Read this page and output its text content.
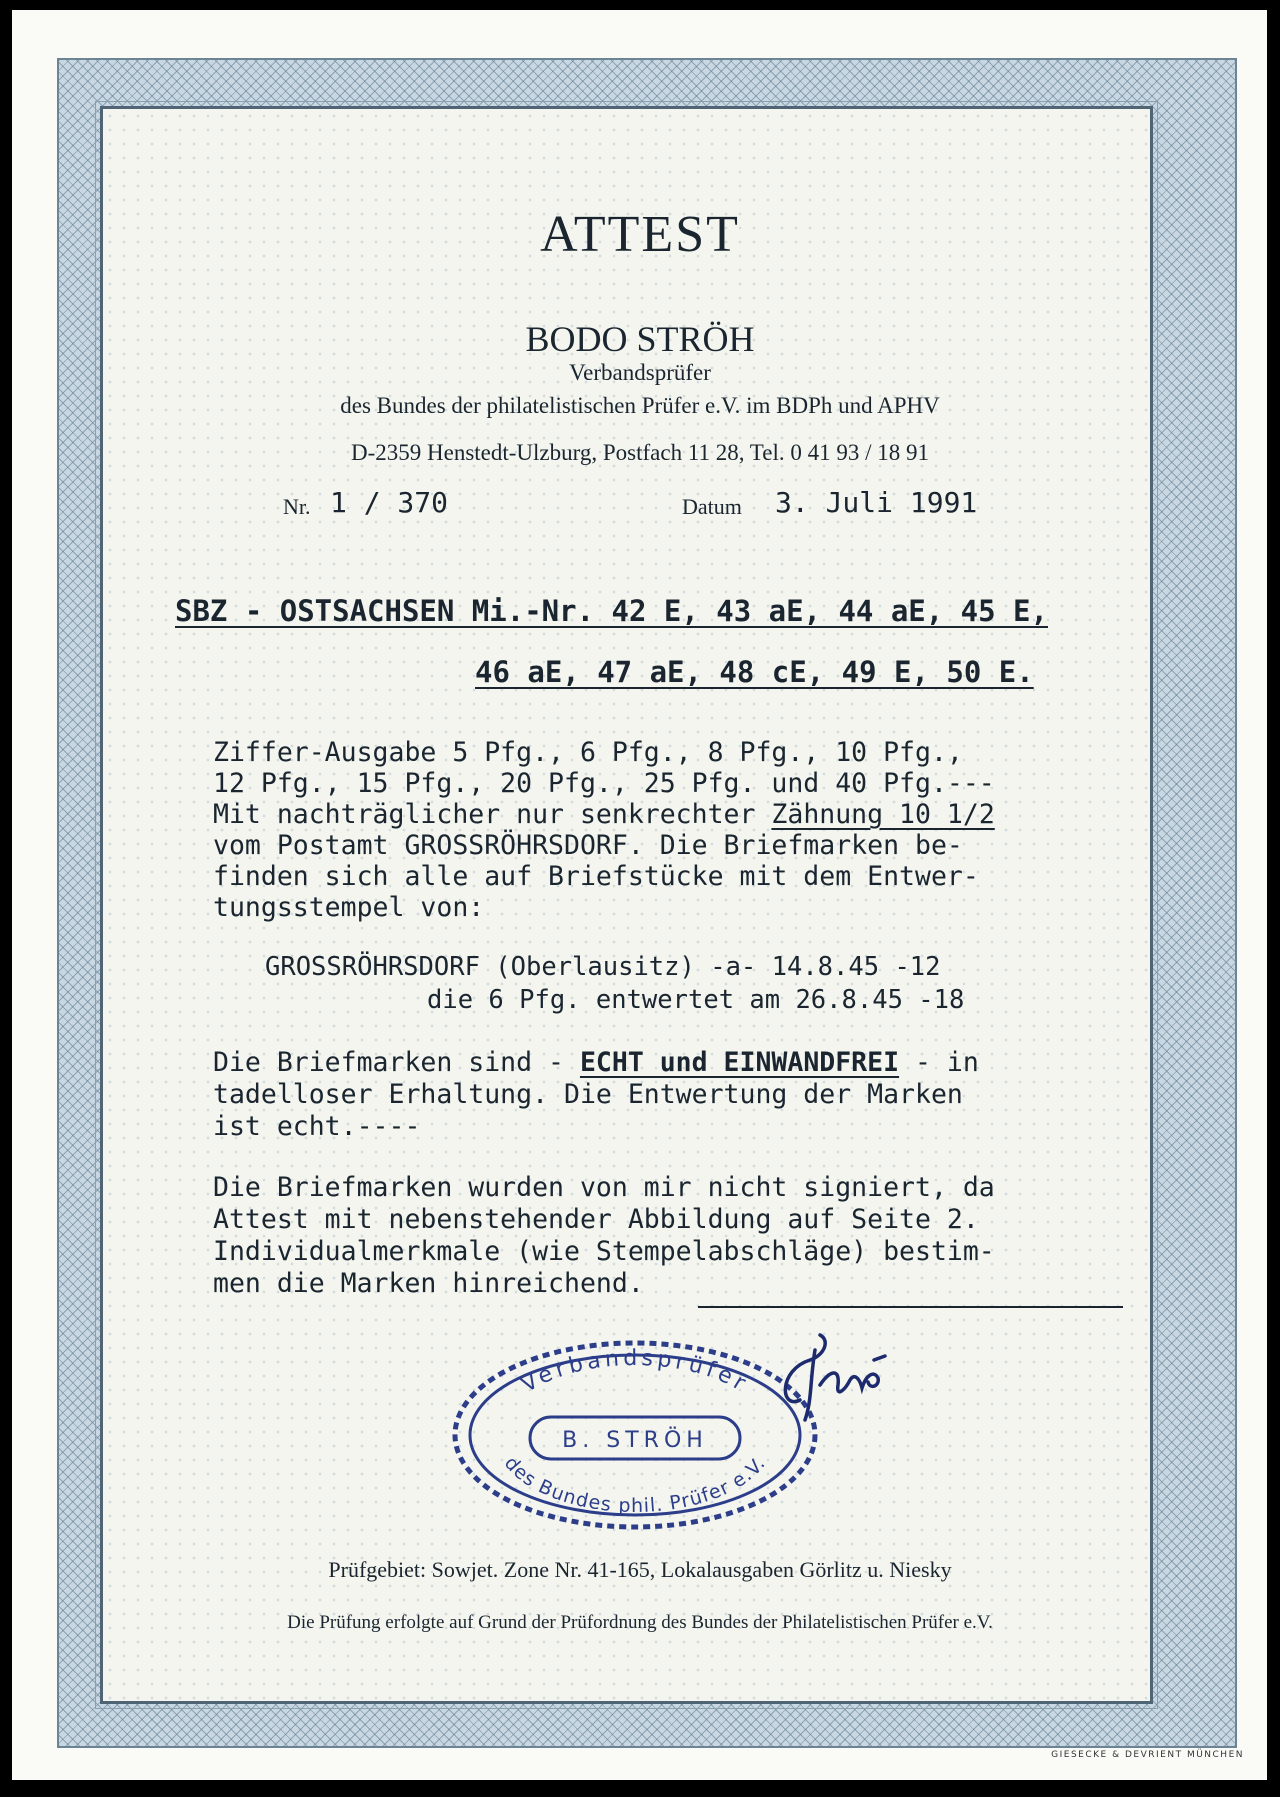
ATTEST
BODO STRÖH
Verbandsprüfer
des Bundes der philatelistischen Prüfer e.V. im BDPh und APHV
D-2359 Henstedt-Ulzburg, Postfach 11 28, Tel. 0 41 93 / 18 91
Nr. 1 / 370	Datum 3. Juli 1991
SBZ - OSTSACHSEN Mi.-Nr. 42 E, 43 aE, 44 aE, 45 E,
46 aE, 47 aE, 48 cE, 49 E, 50 E.
Ziffer-Ausgabe 5 Pfg., 6 Pfg., 8 Pfg., 10 Pfg.,
12 Pfg., 15 Pfg., 20 Pfg., 25 Pfg. und 40 Pfg.---
Mit nachträglicher nur senkrechter Zähnung 10 1/2
vom Postamt GROSSRÖHRSDORF. Die Briefmarken be-
finden sich alle auf Briefstücke mit dem Entwer-
tungsstempel von:
GROSSRÖHRSDORF (Oberlausitz) -a- 14.8.45 -12
die 6 Pfg. entwertet am 26.8.45 -18
Die Briefmarken sind - ECHT und EINWANDFREI - in
tadelloser Erhaltung. Die Entwertung der Marken
ist echt.----
Die Briefmarken wurden von mir nicht signiert, da
Attest mit nebenstehender Abbildung auf Seite 2.
Individualmerkmale (wie Stempelabschläge) bestim-
men die Marken hinreichend.
Verbandsprüfer
B. STRÖH
des Bundes phil. Prüfer e.V.
Prüfgebiet: Sowjet. Zone Nr. 41-165, Lokalausgaben Görlitz u. Niesky
Die Prüfung erfolgte auf Grund der Prüfordnung des Bundes der Philatelistischen Prüfer e.V.
GIESECKE & DEVRIENT MÜNCHEN
